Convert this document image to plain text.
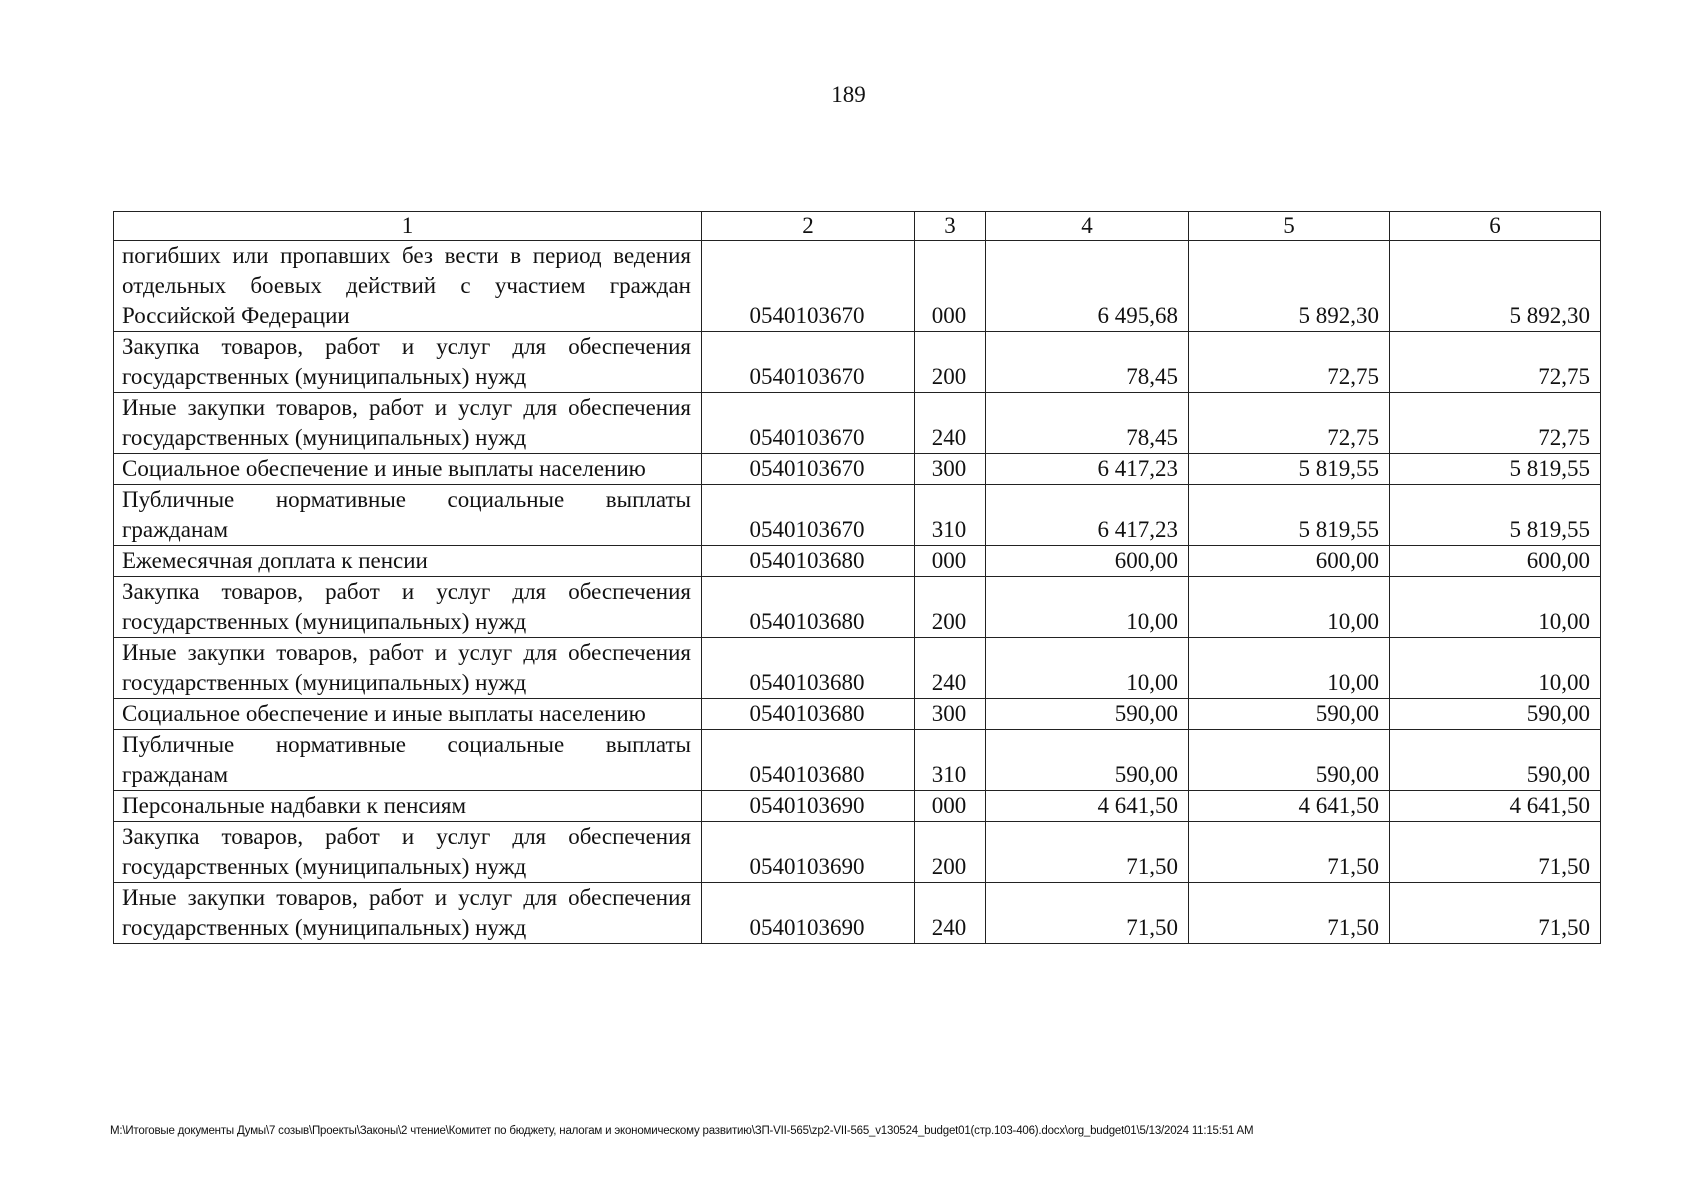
189
1	2	3	4	5	6
погибших или пропавших без вести в период ведения отдельных боевых действий с участием граждан Российской Федерации	0540103670	000	6 495,68	5 892,30	5 892,30
Закупка товаров, работ и услуг для обеспечения государственных (муниципальных) нужд	0540103670	200	78,45	72,75	72,75
Иные закупки товаров, работ и услуг для обеспечения государственных (муниципальных) нужд	0540103670	240	78,45	72,75	72,75
Социальное обеспечение и иные выплаты населению	0540103670	300	6 417,23	5 819,55	5 819,55
Публичные нормативные социальные выплаты гражданам	0540103670	310	6 417,23	5 819,55	5 819,55
Ежемесячная доплата к пенсии	0540103680	000	600,00	600,00	600,00
Закупка товаров, работ и услуг для обеспечения государственных (муниципальных) нужд	0540103680	200	10,00	10,00	10,00
Иные закупки товаров, работ и услуг для обеспечения государственных (муниципальных) нужд	0540103680	240	10,00	10,00	10,00
Социальное обеспечение и иные выплаты населению	0540103680	300	590,00	590,00	590,00
Публичные нормативные социальные выплаты гражданам	0540103680	310	590,00	590,00	590,00
Персональные надбавки к пенсиям	0540103690	000	4 641,50	4 641,50	4 641,50
Закупка товаров, работ и услуг для обеспечения государственных (муниципальных) нужд	0540103690	200	71,50	71,50	71,50
Иные закупки товаров, работ и услуг для обеспечения государственных (муниципальных) нужд	0540103690	240	71,50	71,50	71,50
M:\Итоговые документы Думы\7 созыв\Проекты\Законы\2 чтение\Комитет по бюджету, налогам и экономическому развитию\ЗП-VII-565\zp2-VII-565_v130524_budget01(стр.103-406).docx\org_budget01\5/13/2024 11:15:51 AM
